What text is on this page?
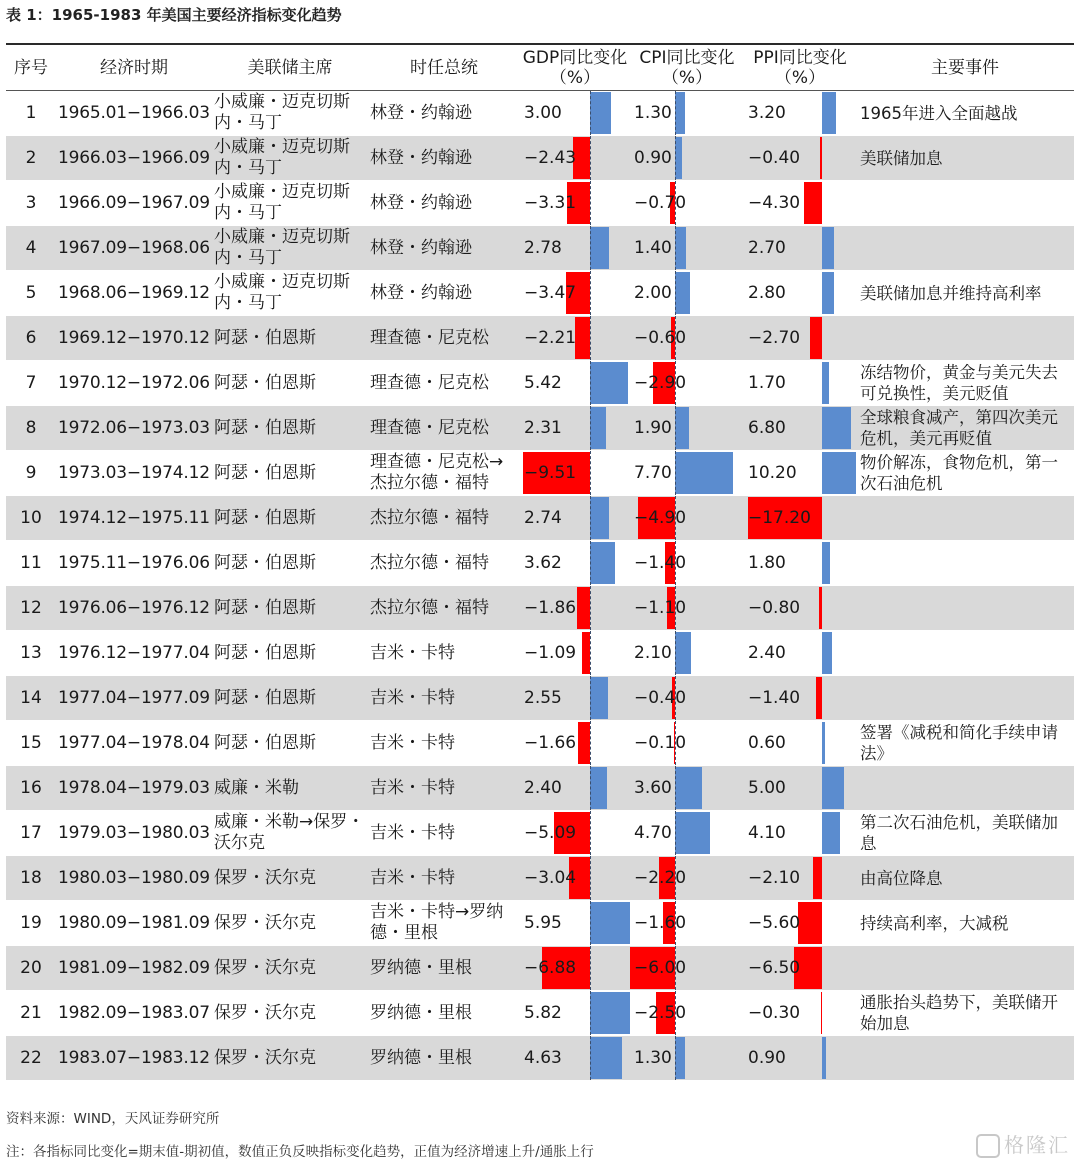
表 1：1965-1983 年美国主要经济指标变化趋势
序号	经济时期	美联储主席	时任总统	GDP同比变化（%）	CPI同比变化（%）	PPI同比变化（%）	主要事件
1	1965.01−1966.03	小威廉・迈克切斯内・马丁	林登・约翰逊	3.00	1.30	3.20	1965年进入全面越战
2	1966.03−1966.09	小威廉・迈克切斯内・马丁	林登・约翰逊	−2.43	0.90	−0.40	美联储加息
3	1966.09−1967.09	小威廉・迈克切斯内・马丁	林登・约翰逊	−3.31	−0.70	−4.30	

4	1967.09−1968.06	小威廉・迈克切斯内・马丁	林登・约翰逊	2.78	1.40	2.70	

5	1968.06−1969.12	小威廉・迈克切斯内・马丁	林登・约翰逊	−3.47	2.00	2.80	美联储加息并维持高利率
6	1969.12−1970.12	阿瑟・伯恩斯	理查德・尼克松	−2.21	−0.60	−2.70	

7	1970.12−1972.06	阿瑟・伯恩斯	理查德・尼克松	5.42	−2.90	1.70	冻结物价，黄金与美元失去可兑换性，美元贬值
8	1972.06−1973.03	阿瑟・伯恩斯	理查德・尼克松	2.31	1.90	6.80	全球粮食减产，第四次美元危机，美元再贬值
9	1973.03−1974.12	阿瑟・伯恩斯	理查德・尼克松→杰拉尔德・福特	−9.51	7.70	10.20	物价解冻，食物危机，第一次石油危机
10	1974.12−1975.11	阿瑟・伯恩斯	杰拉尔德・福特	2.74	−4.90	−17.20	

11	1975.11−1976.06	阿瑟・伯恩斯	杰拉尔德・福特	3.62	−1.40	1.80	

12	1976.06−1976.12	阿瑟・伯恩斯	杰拉尔德・福特	−1.86	−1.10	−0.80	

13	1976.12−1977.04	阿瑟・伯恩斯	吉米・卡特	−1.09	2.10	2.40	

14	1977.04−1977.09	阿瑟・伯恩斯	吉米・卡特	2.55	−0.40	−1.40	

15	1977.04−1978.04	阿瑟・伯恩斯	吉米・卡特	−1.66	−0.10	0.60	签署《减税和简化手续申请法》
16	1978.04−1979.03	威廉・米勒	吉米・卡特	2.40	3.60	5.00	

17	1979.03−1980.03	威廉・米勒→保罗・沃尔克	吉米・卡特	−5.09	4.70	4.10	第二次石油危机，美联储加息
18	1980.03−1980.09	保罗・沃尔克	吉米・卡特	−3.04	−2.20	−2.10	由高位降息
19	1980.09−1981.09	保罗・沃尔克	吉米・卡特→罗纳德・里根	5.95	−1.60	−5.60	持续高利率，大减税
20	1981.09−1982.09	保罗・沃尔克	罗纳德・里根	−6.88	−6.00	−6.50	

21	1982.09−1983.07	保罗・沃尔克	罗纳德・里根	5.82	−2.50	−0.30	通胀抬头趋势下，美联储开始加息
22	1983.07−1983.12	保罗・沃尔克	罗纳德・里根	4.63	1.30	0.90	

资料来源：WIND，天风证券研究所
注：各指标同比变化=期末值-期初值，数值正负反映指标变化趋势，正值为经济增速上升/通胀上行	格隆汇
